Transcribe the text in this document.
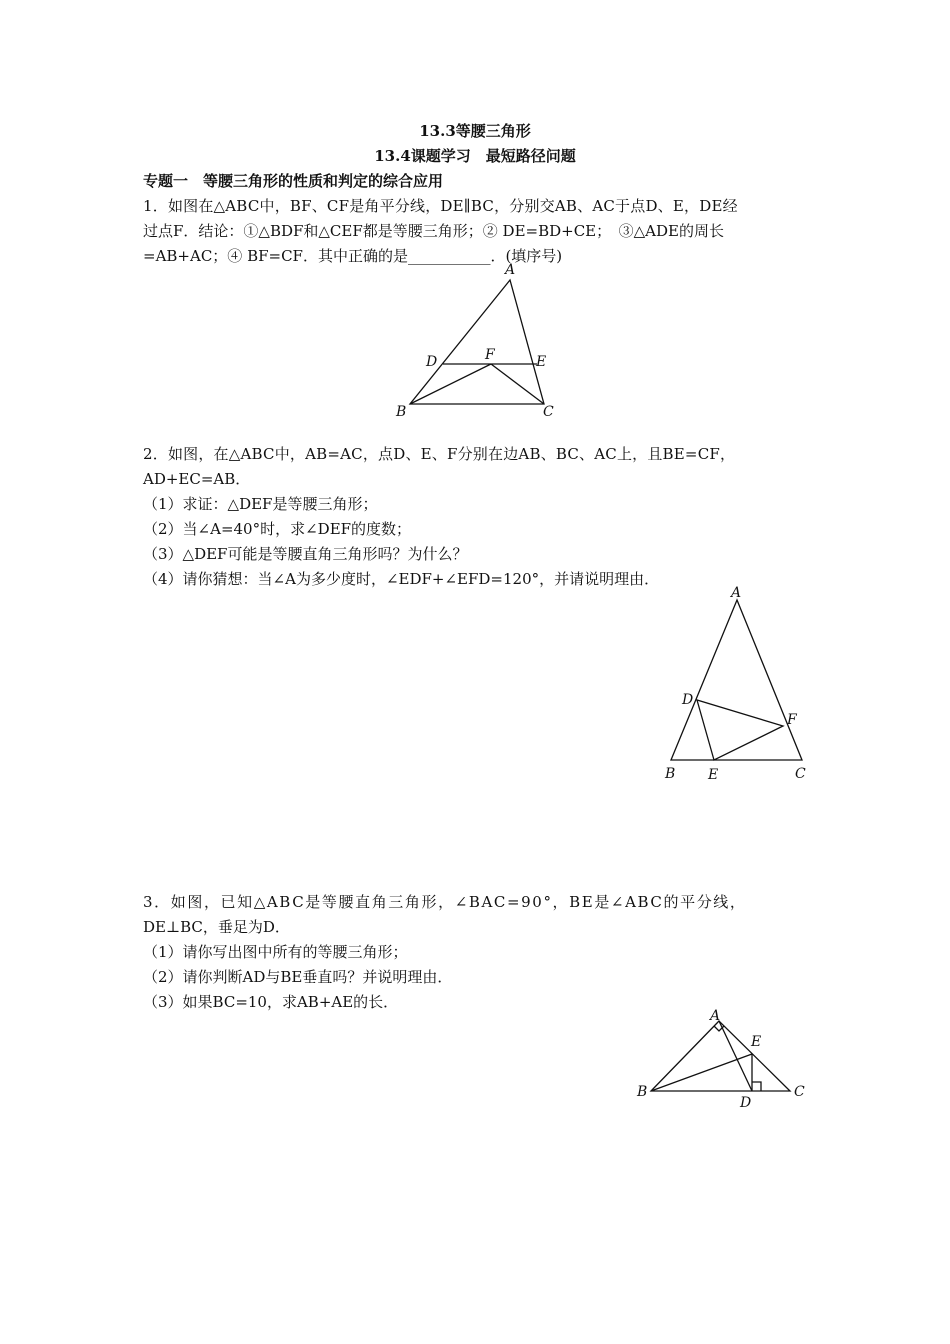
13.3等腰三角形
13.4课题学习　最短路径问题
专题一　等腰三角形的性质和判定的综合应用
1．如图在△ABC中，BF、CF是角平分线，DE∥BC，分别交AB、AC于点D、E，DE经
过点F．结论：①△BDF和△CEF都是等腰三角形；② DE=BD+CE；　③△ADE的周长
=AB+AC；④ BF=CF．其中正确的是___________．(填序号)
A
B	C
D	E
F
2．如图，在△ABC中，AB=AC，点D、E、F分别在边AB、BC、AC上，且BE=CF，
AD+EC=AB．
（1）求证：△DEF是等腰三角形；
（2）当∠A=40°时，求∠DEF的度数；
（3）△DEF可能是等腰直角三角形吗？为什么？
（4）请你猜想：当∠A为多少度时，∠EDF+∠EFD=120°，并请说明理由．
A
B	C
D
E
F
3．如图，已知△ABC是等腰直角三角形，∠BAC=90°，BE是∠ABC的平分线，
DE⊥BC，垂足为D．
（1）请你写出图中所有的等腰三角形；
（2）请你判断AD与BE垂直吗？并说明理由．
（3）如果BC=10，求AB+AE的长．
A
B	C
D
E
